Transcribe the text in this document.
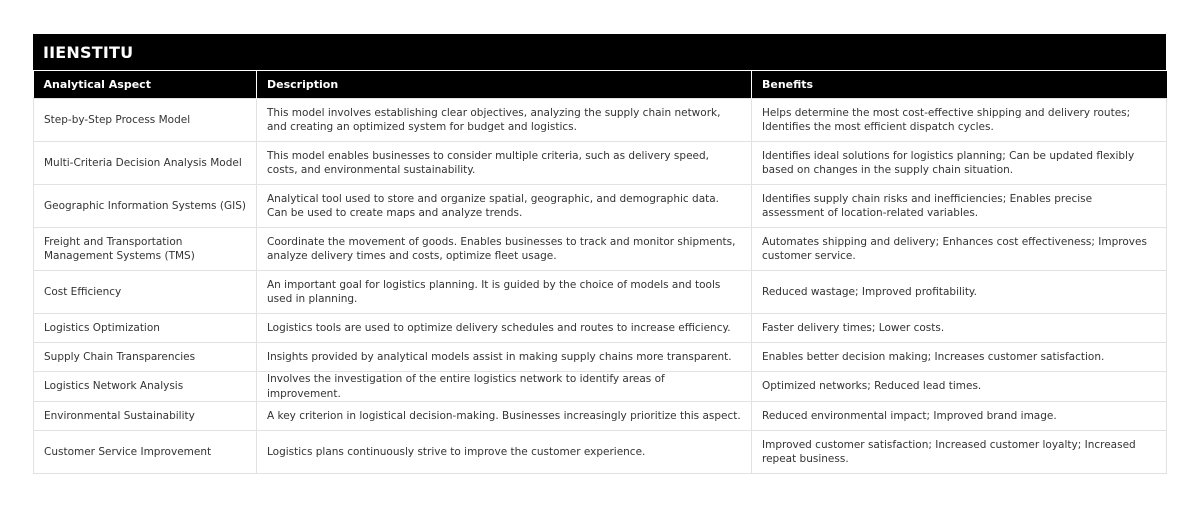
IIENSTITU
Analytical Aspect	Description	Benefits
Step-by-Step Process Model	This model involves establishing clear objectives, analyzing the supply chain network, and creating an optimized system for budget and logistics.	Helps determine the most cost-effective shipping and delivery routes; Identifies the most efficient dispatch cycles.
Multi-Criteria Decision Analysis Model	This model enables businesses to consider multiple criteria, such as delivery speed, costs, and environmental sustainability.	Identifies ideal solutions for logistics planning; Can be updated flexibly based on changes in the supply chain situation.
Geographic Information Systems (GIS)	Analytical tool used to store and organize spatial, geographic, and demographic data. Can be used to create maps and analyze trends.	Identifies supply chain risks and inefficiencies; Enables precise assessment of location-related variables.
Freight and Transportation Management Systems (TMS)	Coordinate the movement of goods. Enables businesses to track and monitor shipments, analyze delivery times and costs, optimize fleet usage.	Automates shipping and delivery; Enhances cost effectiveness; Improves customer service.
Cost Efficiency	An important goal for logistics planning. It is guided by the choice of models and tools used in planning.	Reduced wastage; Improved profitability.
Logistics Optimization	Logistics tools are used to optimize delivery schedules and routes to increase efficiency.	Faster delivery times; Lower costs.
Supply Chain Transparencies	Insights provided by analytical models assist in making supply chains more transparent.	Enables better decision making; Increases customer satisfaction.
Logistics Network Analysis	Involves the investigation of the entire logistics network to identify areas of improvement.	Optimized networks; Reduced lead times.
Environmental Sustainability	A key criterion in logistical decision-making. Businesses increasingly prioritize this aspect.	Reduced environmental impact; Improved brand image.
Customer Service Improvement	Logistics plans continuously strive to improve the customer experience.	Improved customer satisfaction; Increased customer loyalty; Increased repeat business.
